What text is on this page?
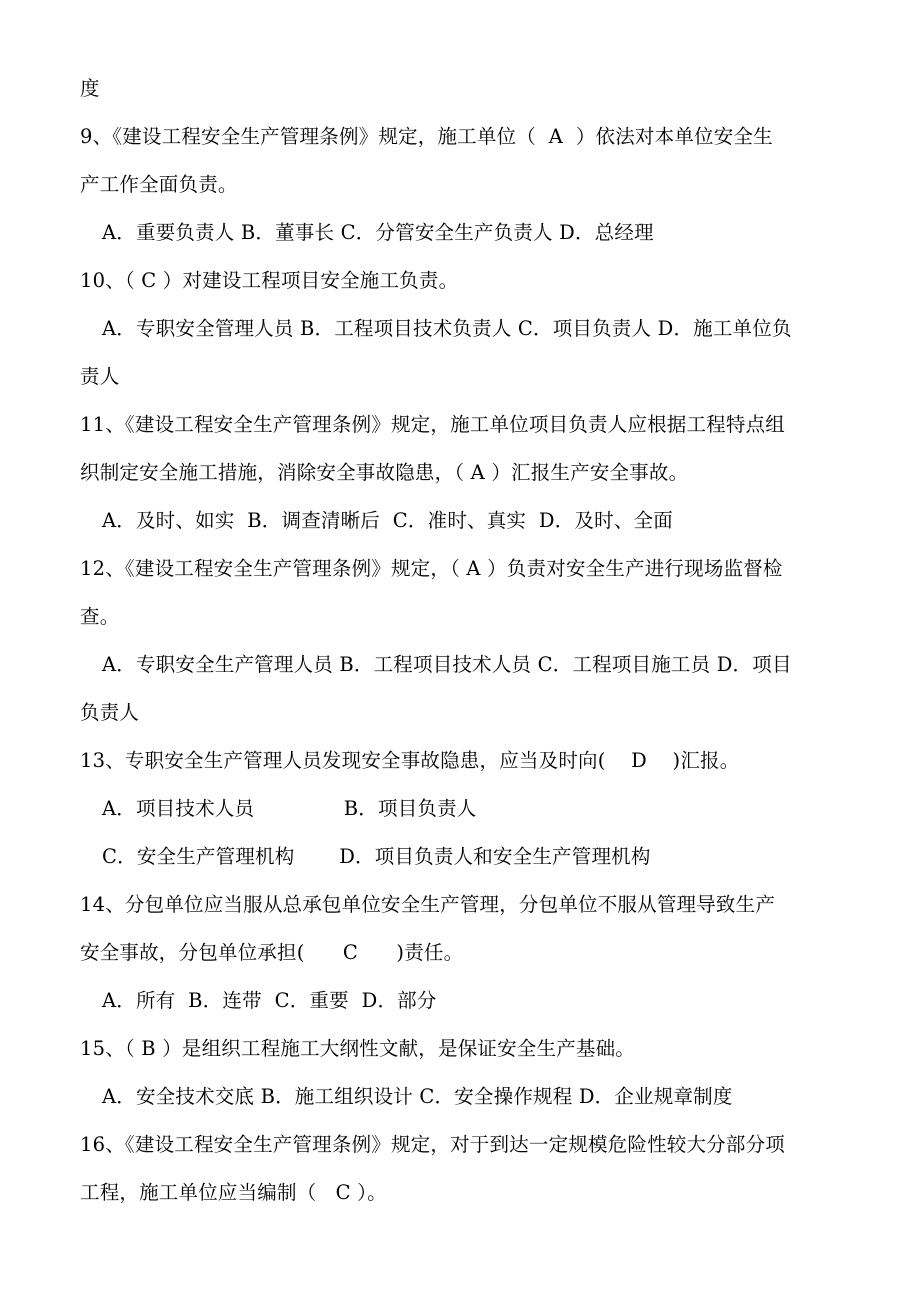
度
9、《建设工程安全生产管理条例》规定，施工单位（  A  ）依法对本单位安全生
产工作全面负责。
A．重要负责人 B．董事长 C．分管安全生产负责人 D．总经理
10、（ C ）对建设工程项目安全施工负责。
A．专职安全管理人员 B．工程项目技术负责人 C．项目负责人 D．施工单位负
责人
11、《建设工程安全生产管理条例》规定，施工单位项目负责人应根据工程特点组
织制定安全施工措施，消除安全事故隐患，（ A ）汇报生产安全事故。
A．及时、如实  B．调查清晰后  C．准时、真实  D．及时、全面
12、《建设工程安全生产管理条例》规定，（ A ）负责对安全生产进行现场监督检
查。
A．专职安全生产管理人员 B．工程项目技术人员 C．工程项目施工员 D．项目
负责人
13、专职安全生产管理人员发现安全事故隐患，应当及时向(    D    )汇报。
A．项目技术人员              B．项目负责人
C．安全生产管理机构       D．项目负责人和安全生产管理机构
14、分包单位应当服从总承包单位安全生产管理，分包单位不服从管理导致生产
安全事故，分包单位承担(      C      )责任。
A．所有  B．连带  C．重要  D．部分
15、（ B ）是组织工程施工大纲性文献，是保证安全生产基础。
A．安全技术交底 B．施工组织设计 C．安全操作规程 D．企业规章制度
16、《建设工程安全生产管理条例》规定，对于到达一定规模危险性较大分部分项
工程，施工单位应当编制（   C ）。
